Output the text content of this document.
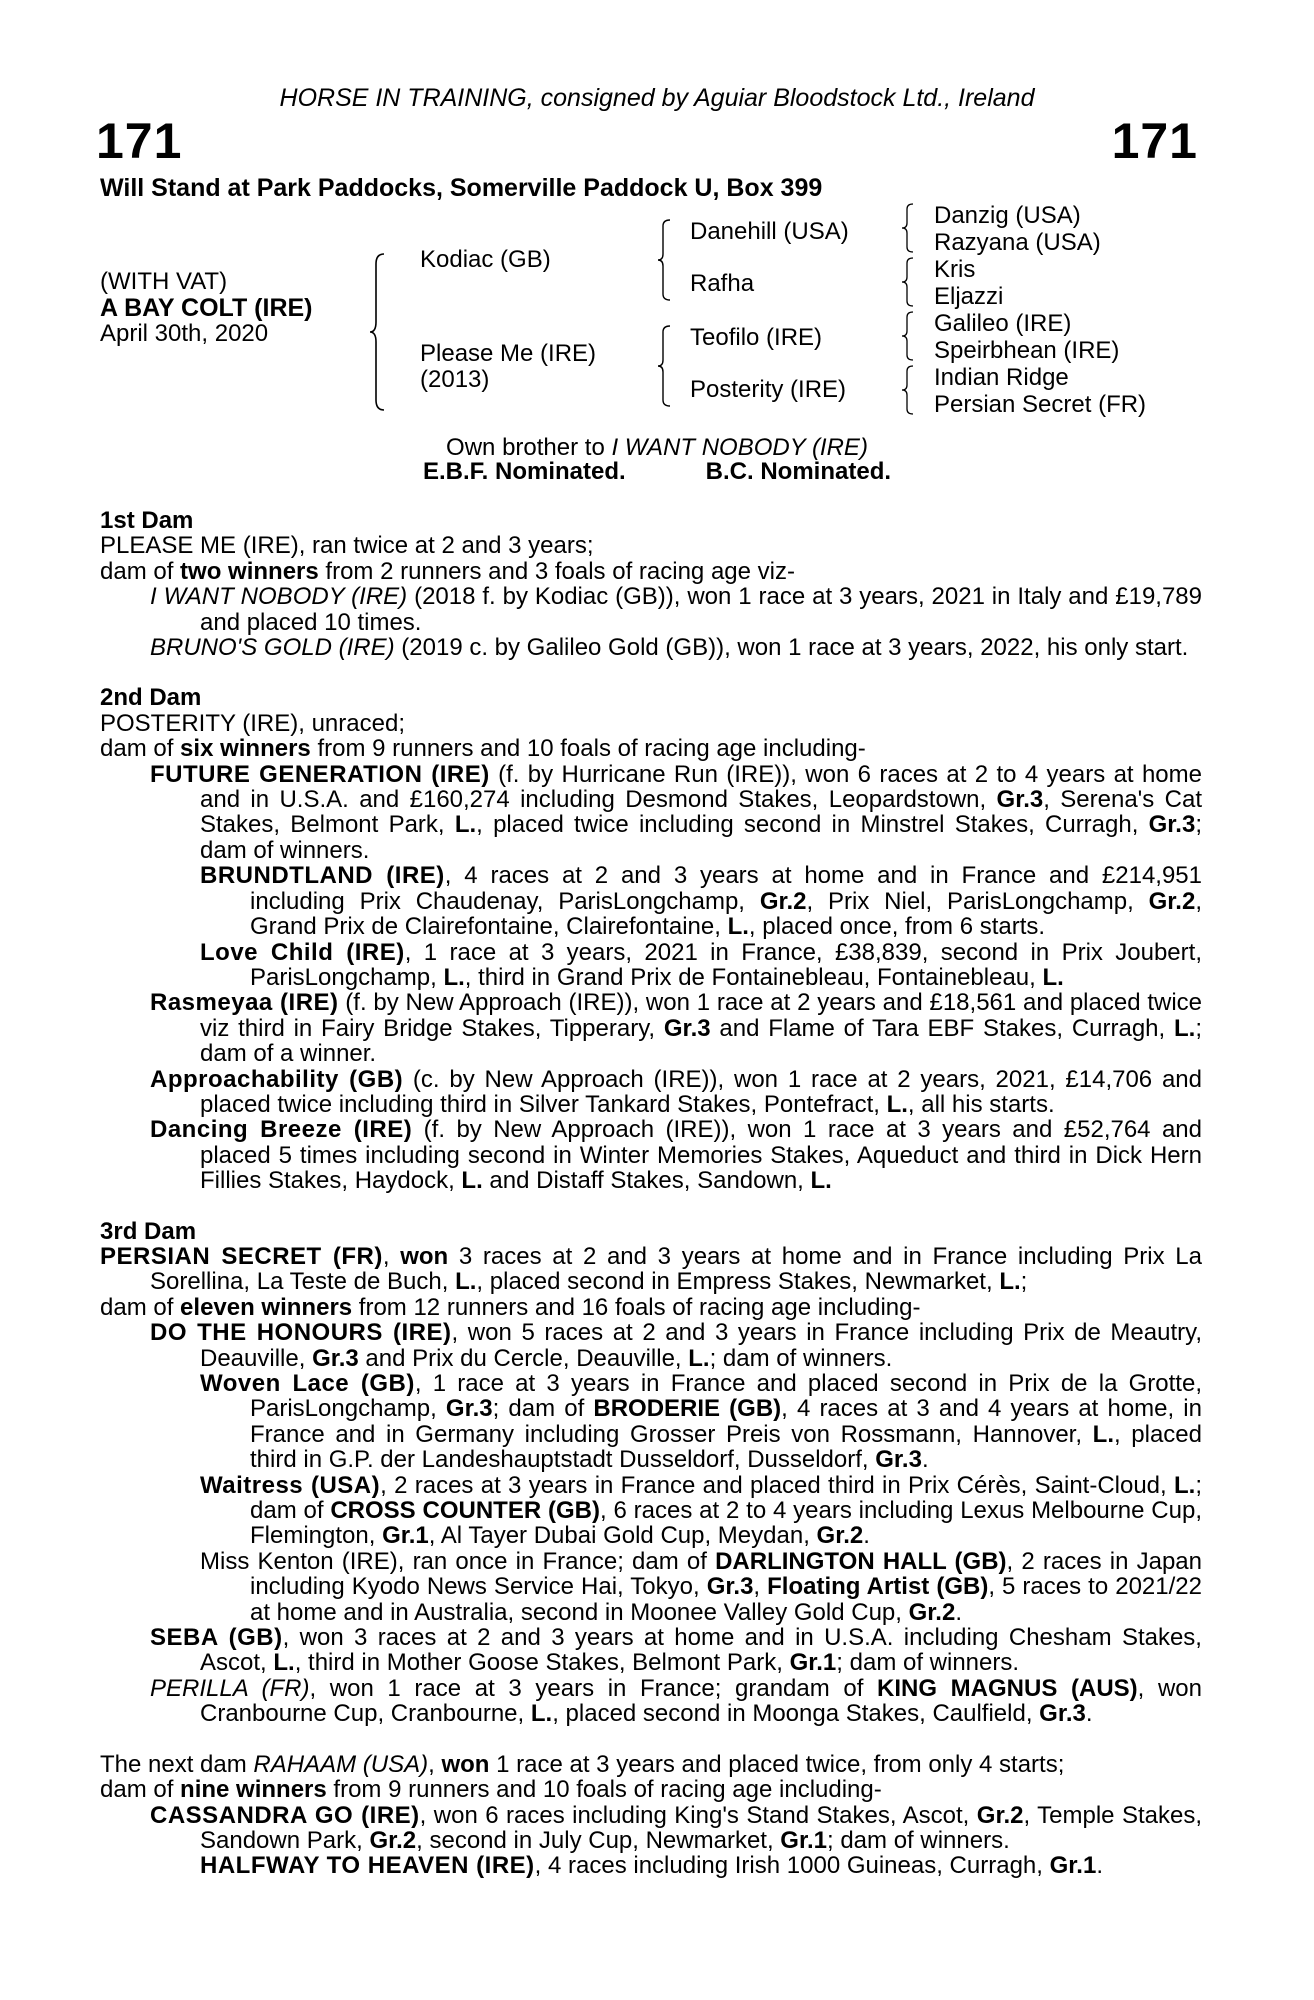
HORSE IN TRAINING, consigned by Aguiar Bloodstock Ltd., Ireland
171	171
Will Stand at Park Paddocks, Somerville Paddock U, Box 399
(WITH VAT)
A BAY COLT (IRE)
April 30th, 2020
Kodiac (GB)
Please Me (IRE)
(2013)
Danehill (USA)
Rafha
Teofilo (IRE)
Posterity (IRE)
Danzig (USA)
Razyana (USA)
Kris
Eljazzi
Galileo (IRE)
Speirbhean (IRE)
Indian Ridge
Persian Secret (FR)
Own brother to I WANT NOBODY (IRE)
E.B.F. Nominated.	B.C. Nominated.
1st Dam
PLEASE ME (IRE), ran twice at 2 and 3 years;
dam of two winners from 2 runners and 3 foals of racing age viz-
I WANT NOBODY (IRE) (2018 f. by Kodiac (GB)), won 1 race at 3 years, 2021 in Italy and £19,789 and placed 10 times.
BRUNO'S GOLD (IRE) (2019 c. by Galileo Gold (GB)), won 1 race at 3 years, 2022, his only start.
2nd Dam
POSTERITY (IRE), unraced;
dam of six winners from 9 runners and 10 foals of racing age including-
FUTURE GENERATION (IRE) (f. by Hurricane Run (IRE)), won 6 races at 2 to 4 years at home and in U.S.A. and £160,274 including Desmond Stakes, Leopardstown, Gr.3, Serena's Cat Stakes, Belmont Park, L., placed twice including second in Minstrel Stakes, Curragh, Gr.3; dam of winners.
BRUNDTLAND (IRE), 4 races at 2 and 3 years at home and in France and £214,951 including Prix Chaudenay, ParisLongchamp, Gr.2, Prix Niel, ParisLongchamp, Gr.2, Grand Prix de Clairefontaine, Clairefontaine, L., placed once, from 6 starts.
Love Child (IRE), 1 race at 3 years, 2021 in France, £38,839, second in Prix Joubert, ParisLongchamp, L., third in Grand Prix de Fontainebleau, Fontainebleau, L.
Rasmeyaa (IRE) (f. by New Approach (IRE)), won 1 race at 2 years and £18,561 and placed twice viz third in Fairy Bridge Stakes, Tipperary, Gr.3 and Flame of Tara EBF Stakes, Curragh, L.; dam of a winner.
Approachability (GB) (c. by New Approach (IRE)), won 1 race at 2 years, 2021, £14,706 and placed twice including third in Silver Tankard Stakes, Pontefract, L., all his starts.
Dancing Breeze (IRE) (f. by New Approach (IRE)), won 1 race at 3 years and £52,764 and placed 5 times including second in Winter Memories Stakes, Aqueduct and third in Dick Hern Fillies Stakes, Haydock, L. and Distaff Stakes, Sandown, L.
3rd Dam
PERSIAN SECRET (FR), won 3 races at 2 and 3 years at home and in France including Prix La Sorellina, La Teste de Buch, L., placed second in Empress Stakes, Newmarket, L.;
dam of eleven winners from 12 runners and 16 foals of racing age including-
DO THE HONOURS (IRE), won 5 races at 2 and 3 years in France including Prix de Meautry, Deauville, Gr.3 and Prix du Cercle, Deauville, L.; dam of winners.
Woven Lace (GB), 1 race at 3 years in France and placed second in Prix de la Grotte, ParisLongchamp, Gr.3; dam of BRODERIE (GB), 4 races at 3 and 4 years at home, in France and in Germany including Grosser Preis von Rossmann, Hannover, L., placed third in G.P. der Landeshauptstadt Dusseldorf, Dusseldorf, Gr.3.
Waitress (USA), 2 races at 3 years in France and placed third in Prix Cérès, Saint-Cloud, L.; dam of CROSS COUNTER (GB), 6 races at 2 to 4 years including Lexus Melbourne Cup, Flemington, Gr.1, Al Tayer Dubai Gold Cup, Meydan, Gr.2.
Miss Kenton (IRE), ran once in France; dam of DARLINGTON HALL (GB), 2 races in Japan including Kyodo News Service Hai, Tokyo, Gr.3, Floating Artist (GB), 5 races to 2021/22 at home and in Australia, second in Moonee Valley Gold Cup, Gr.2.
SEBA (GB), won 3 races at 2 and 3 years at home and in U.S.A. including Chesham Stakes, Ascot, L., third in Mother Goose Stakes, Belmont Park, Gr.1; dam of winners.
PERILLA (FR), won 1 race at 3 years in France; grandam of KING MAGNUS (AUS), won Cranbourne Cup, Cranbourne, L., placed second in Moonga Stakes, Caulfield, Gr.3.
The next dam RAHAAM (USA), won 1 race at 3 years and placed twice, from only 4 starts;
dam of nine winners from 9 runners and 10 foals of racing age including-
CASSANDRA GO (IRE), won 6 races including King's Stand Stakes, Ascot, Gr.2, Temple Stakes, Sandown Park, Gr.2, second in July Cup, Newmarket, Gr.1; dam of winners.
HALFWAY TO HEAVEN (IRE), 4 races including Irish 1000 Guineas, Curragh, Gr.1.
